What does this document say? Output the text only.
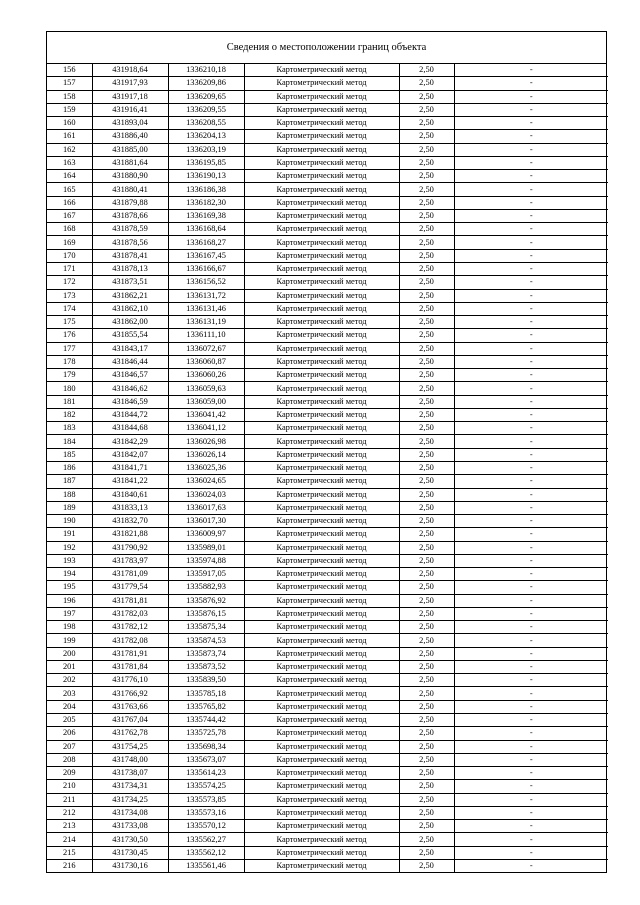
Сведения о местоположении границ объекта
156	431918,64	1336210,18	Картометрический метод	2,50	-
157	431917,93	1336209,86	Картометрический метод	2,50	-
158	431917,18	1336209,65	Картометрический метод	2,50	-
159	431916,41	1336209,55	Картометрический метод	2,50	-
160	431893,04	1336208,55	Картометрический метод	2,50	-
161	431886,40	1336204,13	Картометрический метод	2,50	-
162	431885,00	1336203,19	Картометрический метод	2,50	-
163	431881,64	1336195,85	Картометрический метод	2,50	-
164	431880,90	1336190,13	Картометрический метод	2,50	-
165	431880,41	1336186,38	Картометрический метод	2,50	-
166	431879,88	1336182,30	Картометрический метод	2,50	-
167	431878,66	1336169,38	Картометрический метод	2,50	-
168	431878,59	1336168,64	Картометрический метод	2,50	-
169	431878,56	1336168,27	Картометрический метод	2,50	-
170	431878,41	1336167,45	Картометрический метод	2,50	-
171	431878,13	1336166,67	Картометрический метод	2,50	-
172	431873,51	1336156,52	Картометрический метод	2,50	-
173	431862,21	1336131,72	Картометрический метод	2,50	-
174	431862,10	1336131,46	Картометрический метод	2,50	-
175	431862,00	1336131,19	Картометрический метод	2,50	-
176	431855,54	1336111,10	Картометрический метод	2,50	-
177	431843,17	1336072,67	Картометрический метод	2,50	-
178	431846,44	1336060,87	Картометрический метод	2,50	-
179	431846,57	1336060,26	Картометрический метод	2,50	-
180	431846,62	1336059,63	Картометрический метод	2,50	-
181	431846,59	1336059,00	Картометрический метод	2,50	-
182	431844,72	1336041,42	Картометрический метод	2,50	-
183	431844,68	1336041,12	Картометрический метод	2,50	-
184	431842,29	1336026,98	Картометрический метод	2,50	-
185	431842,07	1336026,14	Картометрический метод	2,50	-
186	431841,71	1336025,36	Картометрический метод	2,50	-
187	431841,22	1336024,65	Картометрический метод	2,50	-
188	431840,61	1336024,03	Картометрический метод	2,50	-
189	431833,13	1336017,63	Картометрический метод	2,50	-
190	431832,70	1336017,30	Картометрический метод	2,50	-
191	431821,88	1336009,97	Картометрический метод	2,50	-
192	431790,92	1335989,01	Картометрический метод	2,50	-
193	431783,97	1335974,88	Картометрический метод	2,50	-
194	431781,09	1335917,05	Картометрический метод	2,50	-
195	431779,54	1335882,93	Картометрический метод	2,50	-
196	431781,81	1335876,92	Картометрический метод	2,50	-
197	431782,03	1335876,15	Картометрический метод	2,50	-
198	431782,12	1335875,34	Картометрический метод	2,50	-
199	431782,08	1335874,53	Картометрический метод	2,50	-
200	431781,91	1335873,74	Картометрический метод	2,50	-
201	431781,84	1335873,52	Картометрический метод	2,50	-
202	431776,10	1335839,50	Картометрический метод	2,50	-
203	431766,92	1335785,18	Картометрический метод	2,50	-
204	431763,66	1335765,82	Картометрический метод	2,50	-
205	431767,04	1335744,42	Картометрический метод	2,50	-
206	431762,78	1335725,78	Картометрический метод	2,50	-
207	431754,25	1335698,34	Картометрический метод	2,50	-
208	431748,00	1335673,07	Картометрический метод	2,50	-
209	431738,07	1335614,23	Картометрический метод	2,50	-
210	431734,31	1335574,25	Картометрический метод	2,50	-
211	431734,25	1335573,85	Картометрический метод	2,50	-
212	431734,08	1335573,16	Картометрический метод	2,50	-
213	431733,08	1335570,12	Картометрический метод	2,50	-
214	431730,50	1335562,27	Картометрический метод	2,50	-
215	431730,45	1335562,12	Картометрический метод	2,50	-
216	431730,16	1335561,46	Картометрический метод	2,50	-
